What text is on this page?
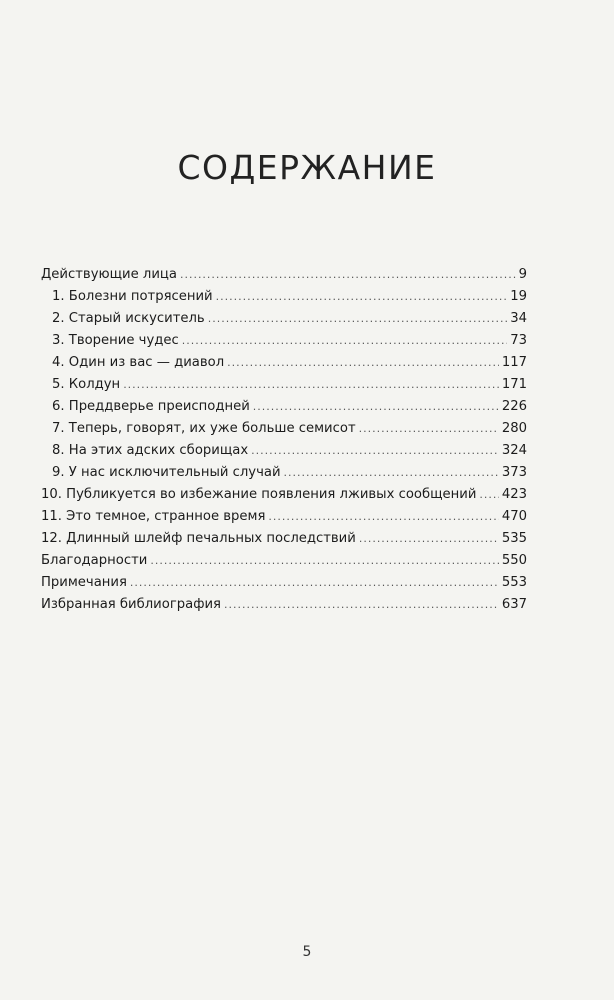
СОДЕРЖАНИЕ
Действующие лица .....	9
1. Болезни потрясений .....	19
2. Старый искуситель .....	34
3. Творение чудес .....	73
4. Один из вас — диавол .....	117
5. Колдун .....	171
6. Преддверье преисподней .....	226
7. Теперь, говорят, их уже больше семисот .....	280
8. На этих адских сборищах .....	324
9. У нас исключительный случай .....	373
10. Публикуется во избежание появления лживых сообщений ..... 423
11. Это темное, странное время .....	470
12. Длинный шлейф печальных последствий .....	535
Благодарности .....	550
Примечания .....	553
Избранная библиография .....	637
5
